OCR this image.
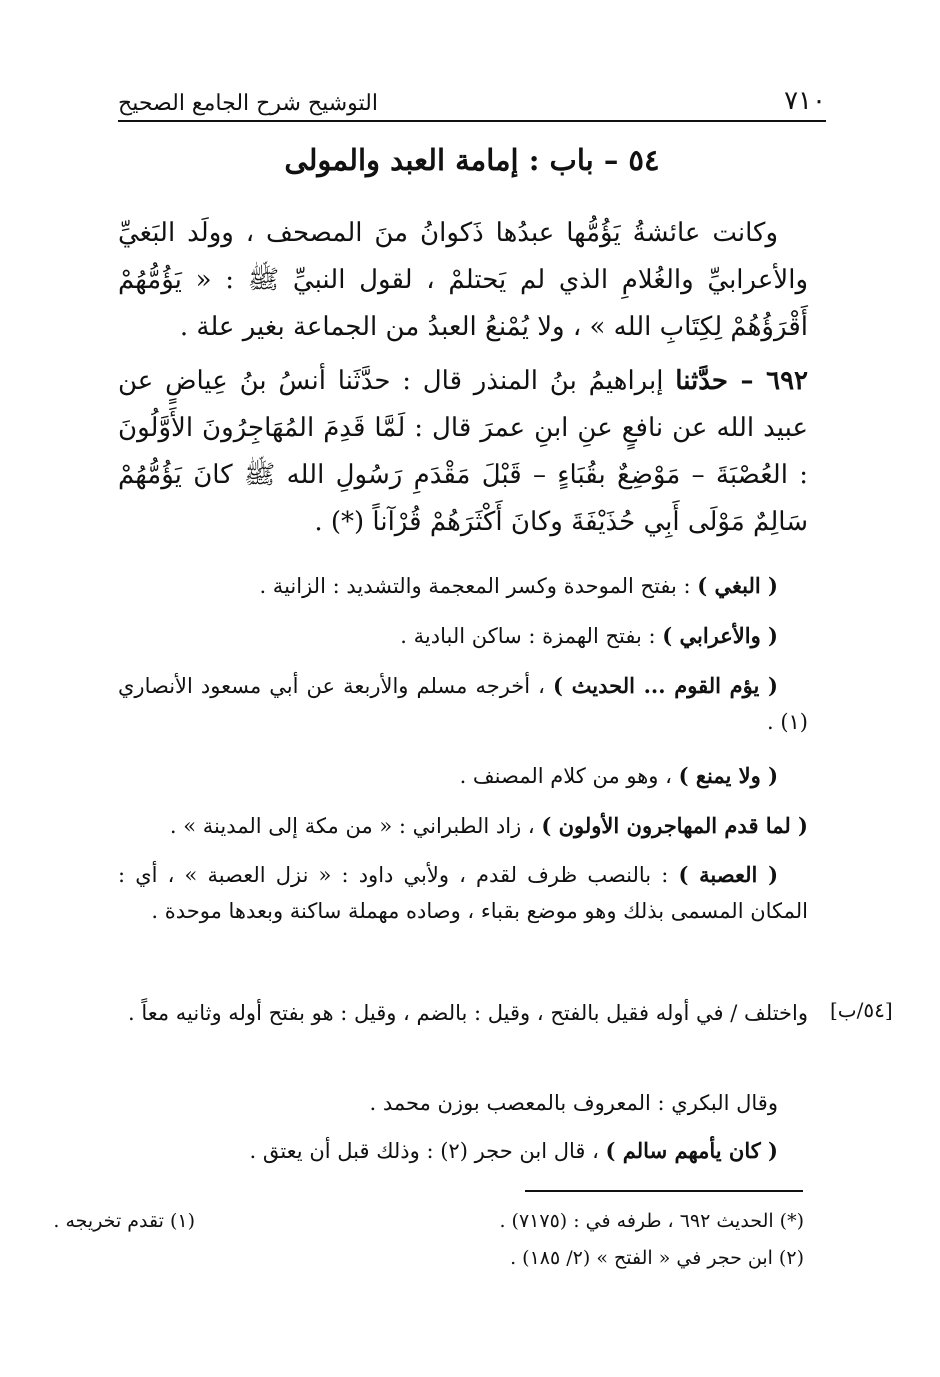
٧١٠
التوشيح شرح الجامع الصحيح
٥٤ – باب : إمامة العبد والمولى
وكانت عائشةُ يَؤُمُّها عبدُها ذَكوانُ منَ المصحف ، وولَد البَغيِّ والأعرابيِّ والغُلامِ الذي لم يَحتلمْ ، لقول النبيِّ ﷺ : « يَؤُمُّهُمْ أَقْرَؤُهُمْ لِكِتَابِ الله » ، ولا يُمْنعُ العبدُ من الجماعة بغير علة .
٦٩٢ – حدَّثنا إبراهيمُ بنُ المنذر قال : حدَّثَنا أنسُ بنُ عِياضٍ عن عبيد الله عن نافعٍ عنِ ابنِ عمرَ قال : لَمَّا قَدِمَ المُهَاجِرُونَ الأَوَّلُونَ : العُصْبَةَ – مَوْضِعٌ بقُبَاءٍ – قَبْلَ مَقْدَمِ رَسُولِ الله ﷺ كانَ يَؤُمُّهُمْ سَالِمٌ مَوْلَى أَبِي حُذَيْفَةَ وكانَ أَكْثَرَهُمْ قُرْآناً (*) .
( البغي ) : بفتح الموحدة وكسر المعجمة والتشديد : الزانية .
( والأعرابي ) : بفتح الهمزة : ساكن البادية .
( يؤم القوم ... الحديث ) ، أخرجه مسلم والأربعة عن أبي مسعود الأنصاري (١) .
( ولا يمنع ) ، وهو من كلام المصنف .
( لما قدم المهاجرون الأولون ) ، زاد الطبراني : « من مكة إلى المدينة » .
( العصبة ) : بالنصب ظرف لقدم ، ولأبي داود : « نزل العصبة » ، أي : المكان المسمى بذلك وهو موضع بقباء ، وصاده مهملة ساكنة وبعدها موحدة .
[٥٤/ب]
واختلف / في أوله فقيل بالفتح ، وقيل : بالضم ، وقيل : هو بفتح أوله وثانيه معاً .
وقال البكري : المعروف بالمعصب بوزن محمد .
( كان يأمهم سالم ) ، قال ابن حجر (٢) : وذلك قبل أن يعتق .
(*) الحديث ٦٩٢ ، طرفه في : (٧١٧٥) .
(١) تقدم تخريجه .
(٢) ابن حجر في « الفتح » (٢/ ١٨٥) .
